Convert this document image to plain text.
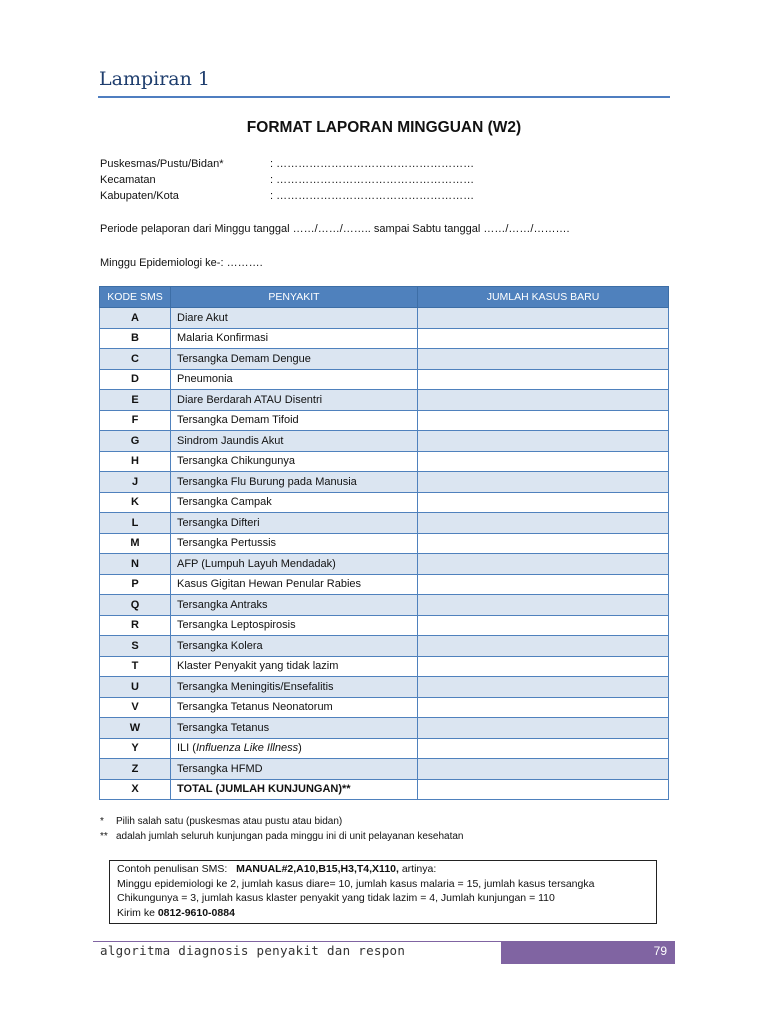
Lampiran 1
FORMAT LAPORAN MINGGUAN (W2)
Puskesmas/Pustu/Bidan*	: ………………………………………………
Kecamatan	: ………………………………………………
Kabupaten/Kota	: ………………………………………………
Periode pelaporan dari Minggu tanggal ……/……/…….. sampai Sabtu tanggal ……/……/……….
Minggu Epidemiologi ke-: ……….
KODE SMS	PENYAKIT	JUMLAH KASUS BARU
A	Diare Akut	
B	Malaria Konfirmasi	
C	Tersangka Demam Dengue	
D	Pneumonia	
E	Diare Berdarah ATAU Disentri	
F	Tersangka Demam Tifoid	
G	Sindrom Jaundis Akut	
H	Tersangka Chikungunya	
J	Tersangka Flu Burung pada Manusia	
K	Tersangka Campak	
L	Tersangka Difteri	
M	Tersangka Pertussis	
N	AFP (Lumpuh Layuh Mendadak)	
P	Kasus Gigitan Hewan Penular Rabies	
Q	Tersangka Antraks	
R	Tersangka Leptospirosis	
S	Tersangka Kolera	
T	Klaster Penyakit yang tidak lazim	
U	Tersangka Meningitis/Ensefalitis	
V	Tersangka Tetanus Neonatorum	
W	Tersangka Tetanus	
Y	ILI (Influenza Like Illness)	
Z	Tersangka HFMD	
X	TOTAL (JUMLAH KUNJUNGAN)**	
* Pilih salah satu (puskesmas atau pustu atau bidan)
** adalah jumlah seluruh kunjungan pada minggu ini di unit pelayanan kesehatan
Contoh penulisan SMS: MANUAL#2,A10,B15,H3,T4,X110, artinya:
Minggu epidemiologi ke 2, jumlah kasus diare= 10, jumlah kasus malaria = 15, jumlah kasus tersangka
Chikungunya = 3, jumlah kasus klaster penyakit yang tidak lazim = 4, Jumlah kunjungan = 110
Kirim ke 0812-9610-0884
algoritma diagnosis penyakit dan respon	79
